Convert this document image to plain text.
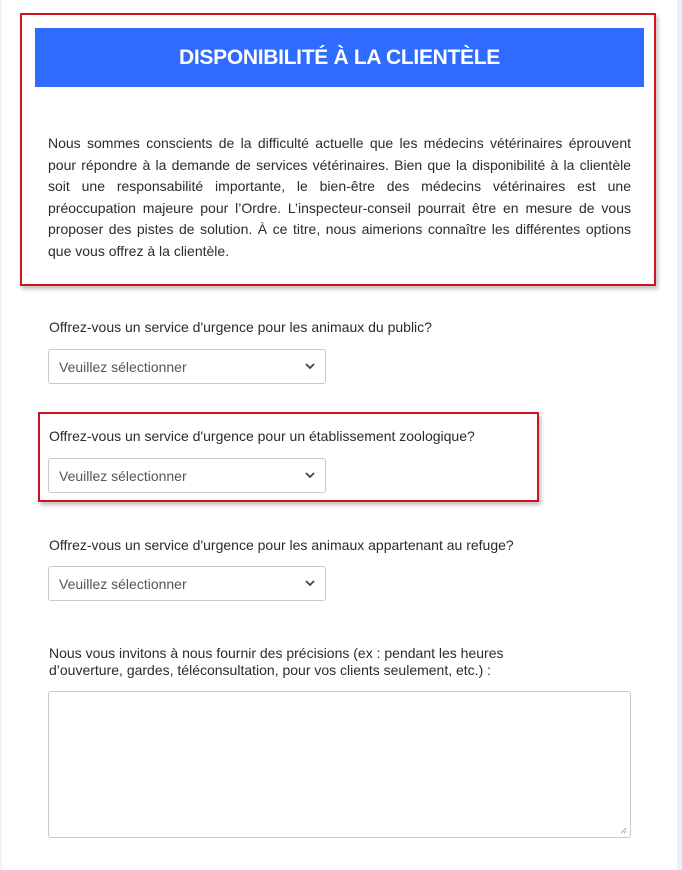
DISPONIBILITÉ À LA CLIENTÈLE

Nous sommes conscients de la difficulté actuelle que les médecins vétérinaires éprouvent pour répondre à la demande de services vétérinaires. Bien que la disponibilité à la clientèle soit une responsabilité importante, le bien-être des médecins vétérinaires est une préoccupation majeure pour l’Ordre. L’inspecteur-conseil pourrait être en mesure de vous proposer des pistes de solution. À ce titre, nous aimerions connaître les différentes options que vous offrez à la clientèle.

Offrez-vous un service d'urgence pour les animaux du public?
Veuillez sélectionner
Offrez-vous un service d'urgence pour un établissement zoologique?
Veuillez sélectionner
Offrez-vous un service d'urgence pour les animaux appartenant au refuge?
Veuillez sélectionner
Nous vous invitons à nous fournir des précisions (ex : pendant les heures
d’ouverture, gardes, téléconsultation, pour vos clients seulement, etc.) :
